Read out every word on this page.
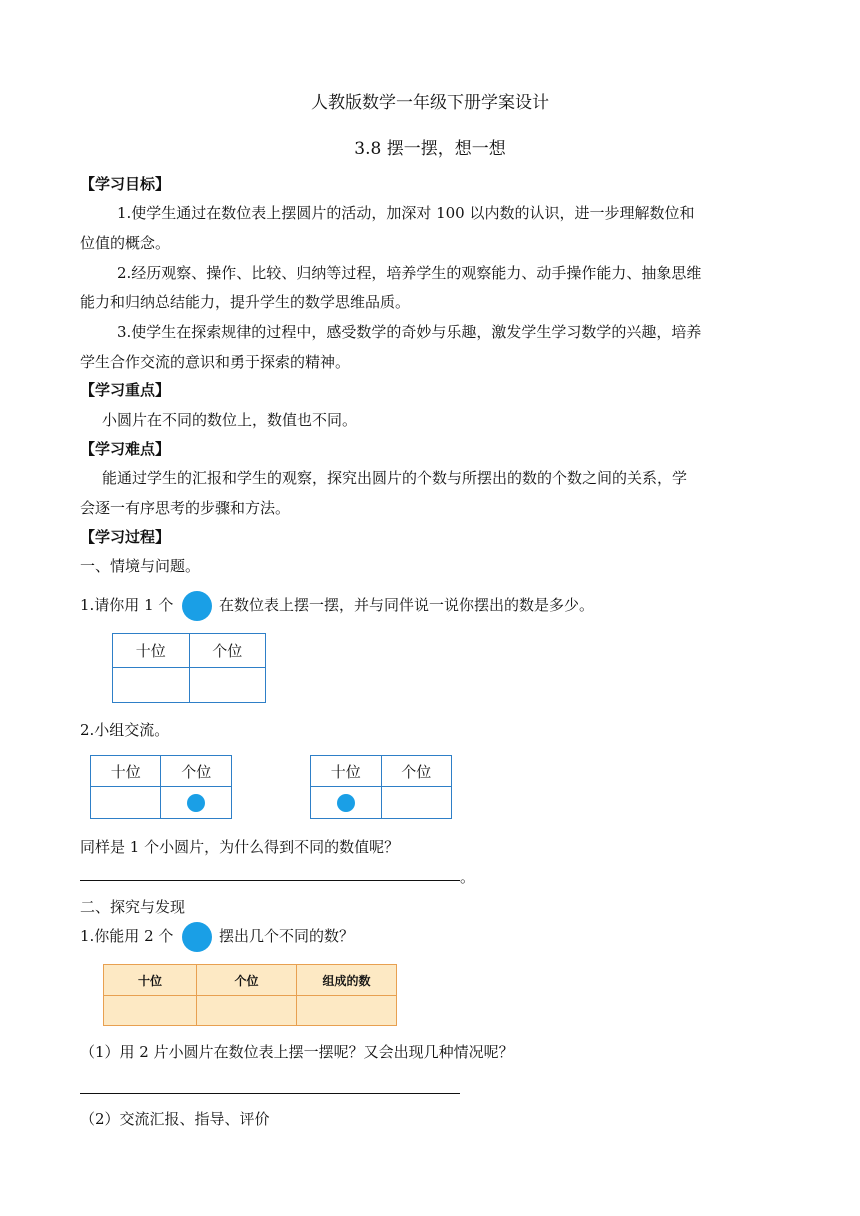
人教版数学一年级下册学案设计
3.8 摆一摆，想一想
【学习目标】
1.使学生通过在数位表上摆圆片的活动，加深对 100 以内数的认识，进一步理解数位和
位值的概念。
2.经历观察、操作、比较、归纳等过程，培养学生的观察能力、动手操作能力、抽象思维
能力和归纳总结能力，提升学生的数学思维品质。
3.使学生在探索规律的过程中，感受数学的奇妙与乐趣，激发学生学习数学的兴趣，培养
学生合作交流的意识和勇于探索的精神。
【学习重点】
小圆片在不同的数位上，数值也不同。
【学习难点】
能通过学生的汇报和学生的观察，探究出圆片的个数与所摆出的数的个数之间的关系，学
会逐一有序思考的步骤和方法。
【学习过程】
一、情境与问题。
1.请你用 1 个	在数位表上摆一摆，并与同伴说一说你摆出的数是多少。
十位	个位

2.小组交流。
十位	个位
		十位	个位

同样是 1 个小圆片，为什么得到不同的数值呢？
。
二、探究与发现
1.你能用 2 个	摆出几个不同的数？
十位	个位	组成的数

（1）用 2 片小圆片在数位表上摆一摆呢？又会出现几种情况呢？
（2）交流汇报、指导、评价
